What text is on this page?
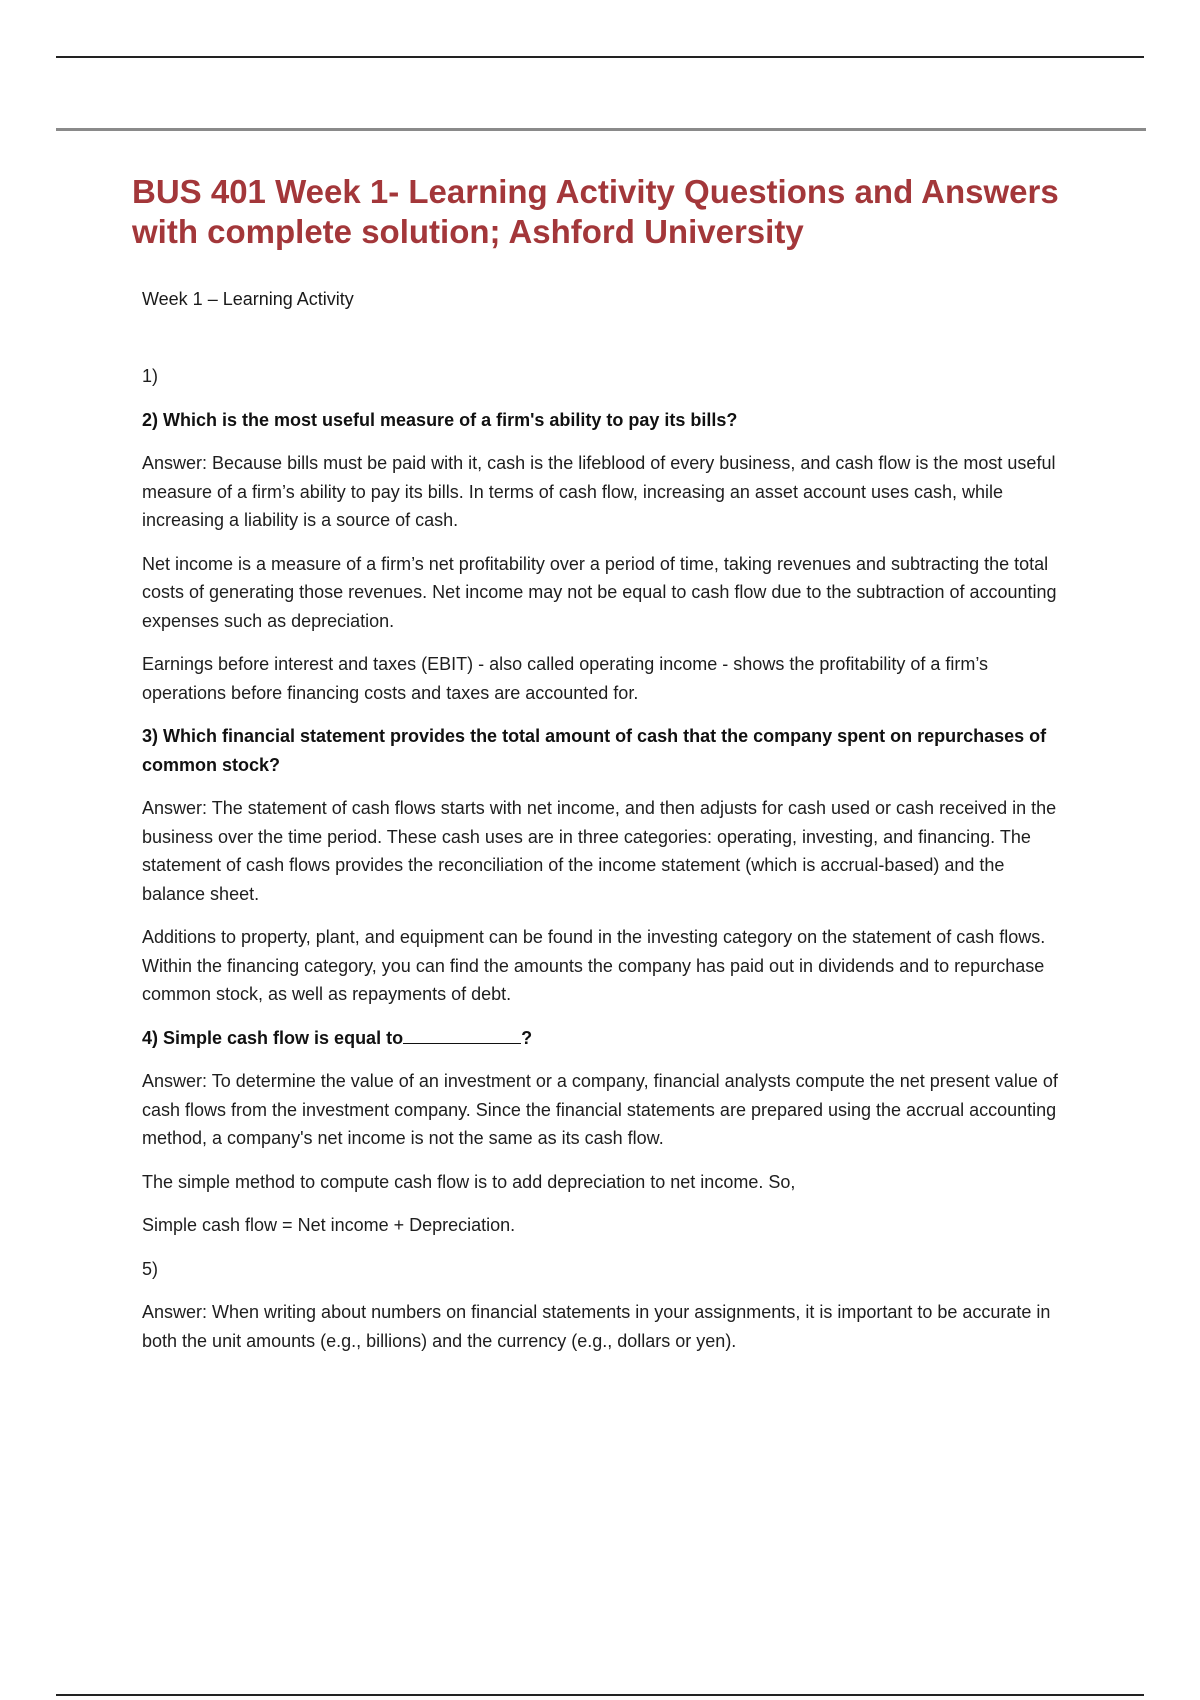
BUS 401 Week 1- Learning Activity Questions and Answers with complete solution; Ashford University
Week 1 – Learning Activity
1)
2) Which is the most useful measure of a firm's ability to pay its bills?
Answer: Because bills must be paid with it, cash is the lifeblood of every business, and cash flow is the most useful measure of a firm’s ability to pay its bills. In terms of cash flow, increasing an asset account uses cash, while increasing a liability is a source of cash.
Net income is a measure of a firm’s net profitability over a period of time, taking revenues and subtracting the total costs of generating those revenues. Net income may not be equal to cash flow due to the subtraction of accounting expenses such as depreciation.
Earnings before interest and taxes (EBIT) - also called operating income - shows the profitability of a firm’s operations before financing costs and taxes are accounted for.
3) Which financial statement provides the total amount of cash that the company spent on repurchases of common stock?
Answer: The statement of cash flows starts with net income, and then adjusts for cash used or cash received in the business over the time period. These cash uses are in three categories: operating, investing, and financing. The statement of cash flows provides the reconciliation of the income statement (which is accrual-based) and the balance sheet.
Additions to property, plant, and equipment can be found in the investing category on the statement of cash flows. Within the financing category, you can find the amounts the company has paid out in dividends and to repurchase common stock, as well as repayments of debt.
4) Simple cash flow is equal to	?
Answer: To determine the value of an investment or a company, financial analysts compute the net present value of cash flows from the investment company. Since the financial statements are prepared using the accrual accounting method, a company's net income is not the same as its cash flow.
The simple method to compute cash flow is to add depreciation to net income. So,
Simple cash flow = Net income + Depreciation.
5)
Answer: When writing about numbers on financial statements in your assignments, it is important to be accurate in both the unit amounts (e.g., billions) and the currency (e.g., dollars or yen).
